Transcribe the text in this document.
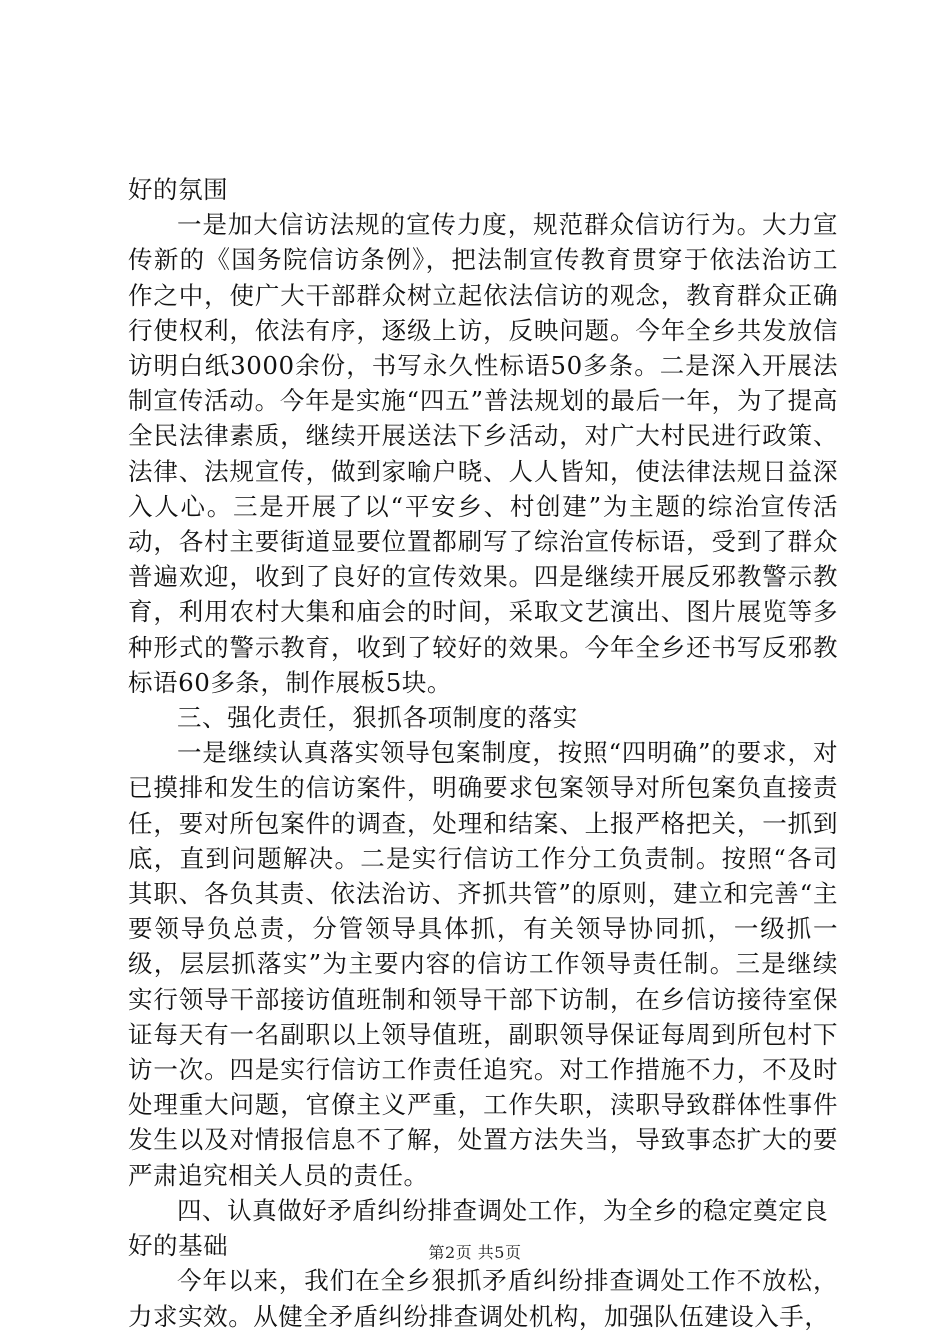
好的氛围

一是加大信访法规的宣传力度，规范群众信访行为。大力宣传新的《国务院信访条例》，把法制宣传教育贯穿于依法治访工作之中，使广大干部群众树立起依法信访的观念，教育群众正确行使权利，依法有序，逐级上访，反映问题。今年全乡共发放信访明白纸3000余份，书写永久性标语50多条。二是深入开展法制宣传活动。今年是实施“四五”普法规划的最后一年，为了提高全民法律素质，继续开展送法下乡活动，对广大村民进行政策、法律、法规宣传，做到家喻户晓、人人皆知，使法律法规日益深入人心。三是开展了以“平安乡、村创建”为主题的综治宣传活动，各村主要街道显要位置都刷写了综治宣传标语，受到了群众普遍欢迎，收到了良好的宣传效果。四是继续开展反邪教警示教育，利用农村大集和庙会的时间，采取文艺演出、图片展览等多种形式的警示教育，收到了较好的效果。今年全乡还书写反邪教标语60多条，制作展板5块。

三、强化责任，狠抓各项制度的落实

一是继续认真落实领导包案制度，按照“四明确”的要求，对已摸排和发生的信访案件，明确要求包案领导对所包案负直接责任，要对所包案件的调查，处理和结案、上报严格把关，一抓到底，直到问题解决。二是实行信访工作分工负责制。按照“各司其职、各负其责、依法治访、齐抓共管”的原则，建立和完善“主要领导负总责，分管领导具体抓，有关领导协同抓，一级抓一级，层层抓落实”为主要内容的信访工作领导责任制。三是继续实行领导干部接访值班制和领导干部下访制，在乡信访接待室保证每天有一名副职以上领导值班，副职领导保证每周到所包村下访一次。四是实行信访工作责任追究。对工作措施不力，不及时处理重大问题，官僚主义严重，工作失职，渎职导致群体性事件发生以及对情报信息不了解，处置方法失当，导致事态扩大的要严肃追究相关人员的责任。

四、认真做好矛盾纠纷排查调处工作，为全乡的稳定奠定良好的基础

今年以来，我们在全乡狠抓矛盾纠纷排查调处工作不放松，力求实效。从健全矛盾纠纷排查调处机构，加强队伍建设入手，

第2页 共5页
